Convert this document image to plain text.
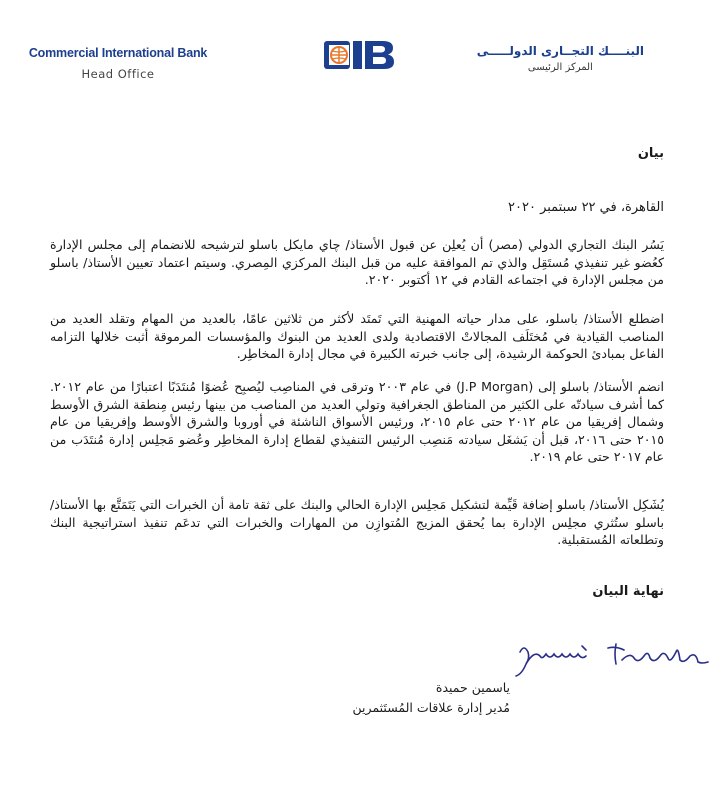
Commercial International Bank
Head Office
البنــــك التجــارى الدولـــــى
المركز الرئيسى
بيان
القاهرة، في ٢٢ سبتمبر ٢٠٢٠

يَسُر البنك التجاري الدولي (مصر) أن يُعلِن عن قبول الأستاذ/ چاي مايكل باسلو لترشيحه للانضمام إلى مجلس الإدارة كعُضو غير تنفيذي مُستَقِل والذي تم الموافقة عليه من قبل البنك المركزي المِصري. وسيتم اعتماد تعيين الأستاذ/ باسلو من مجلس الإدارة في اجتماعه القادم في ١٢ أكتوبر ٢٠٢٠.

اضطلع الأستاذ/ باسلو، على مدار حياته المهنية التي تَمتَد لأكثر من ثلاثين عامًا، بالعديد من المهام وتقلد العديد من المناصب القيادية في مُختَلَف المجالاتْ الاقتصادية ولدى العديد من البنوك والمؤسسات المرموقة أثبت خلالها التزامه الفاعل بمبادئ الحوكمة الرشيدة، إلى جانب خبرته الكبيرة في مجال إدارة المخاطِر.

انضم الأستاذ/ باسلو إلى (J.P Morgan) في عام ٢٠٠٣ وترقى في المناصِب ليُصبِح عُضوًا مُنتَدَبًا اعتبارًا من عام ٢٠١٢. كما أشرف سيادتّه على الكثير من المناطق الجغرافية وتولي العديد من المناصب من بينها رئيس مِنطقة الشرق الأوسط وشمال إفريقيا من عام ٢٠١٢ حتى عام ٢٠١٥، ورئيس الأسواق الناشئة في أوروبا والشرق الأوسط وإفريقيا من عام ٢٠١٥ حتى ٢٠١٦، قبل أن يَشغَل سيادته مَنصِب الرئيس التنفيذي لقطاع إدارة المخاطِر وعُضو مَجلِس إدارة مُنتَدَب من عام ٢٠١٧ حتى عام ٢٠١٩.

يُشَكِل الأستاذ/ باسلو إضافة قَيِّمة لتشكيل مَجلِس الإدارة الحالي والبنك على ثقة تامة أن الخبرات التي يَتَمَتَّع بها الأستاذ/ باسلو ستُثري مجلِس الإدارة بما يُحقق المزيج المُتوازِن من المهارات والخبرات التي تدعَم تنفيذ استراتيجية البنك وتطلعاته المُستقبلية.

نهاية البيان
ياسمين حميدة
مُدير إدارة علاقات المُستَثمرين
